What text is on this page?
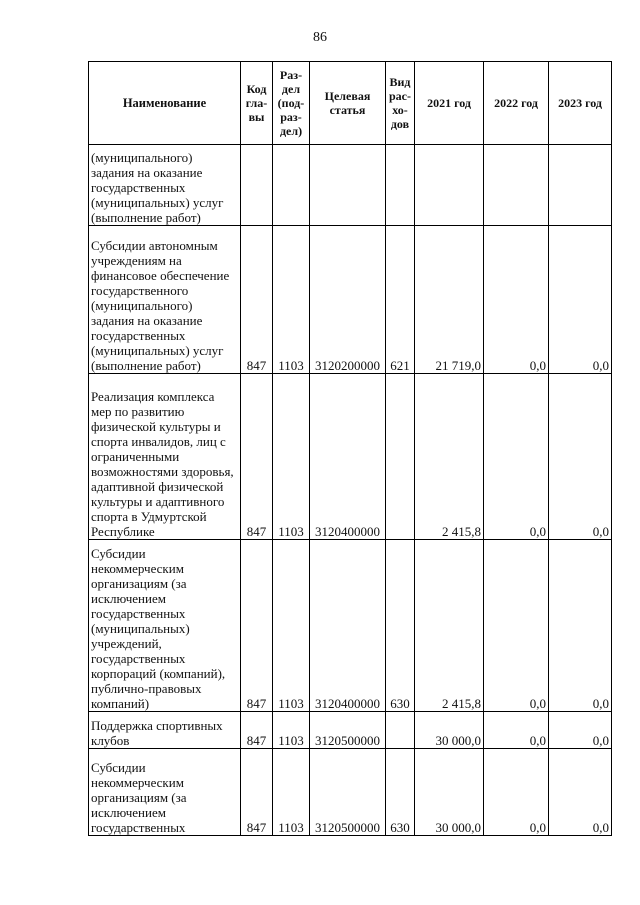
86
Наименование	Код гла- вы	Раз- дел (под- раз- дел)	Целевая статья	Вид рас- хо- дов	2021 год	2022 год	2023 год
(муниципального) задания на оказание государственных (муниципальных) услуг (выполнение работ)							
Субсидии автономным учреждениям на финансовое обеспечение государственного (муниципального) задания на оказание государственных (муниципальных) услуг (выполнение работ)	847	1103	3120200000	621	21 719,0	0,0	0,0
Реализация комплекса мер по развитию физической культуры и спорта инвалидов, лиц с ограниченными возможностями здоровья, адаптивной физической культуры и адаптивного спорта в Удмуртской Республике	847	1103	3120400000		2 415,8	0,0	0,0
Субсидии некоммерческим организациям (за исключением государственных (муниципальных) учреждений, государственных корпораций (компаний), публично-правовых компаний)	847	1103	3120400000	630	2 415,8	0,0	0,0
Поддержка спортивных клубов	847	1103	3120500000		30 000,0	0,0	0,0
Субсидии некоммерческим организациям (за исключением государственных	847	1103	3120500000	630	30 000,0	0,0	0,0
